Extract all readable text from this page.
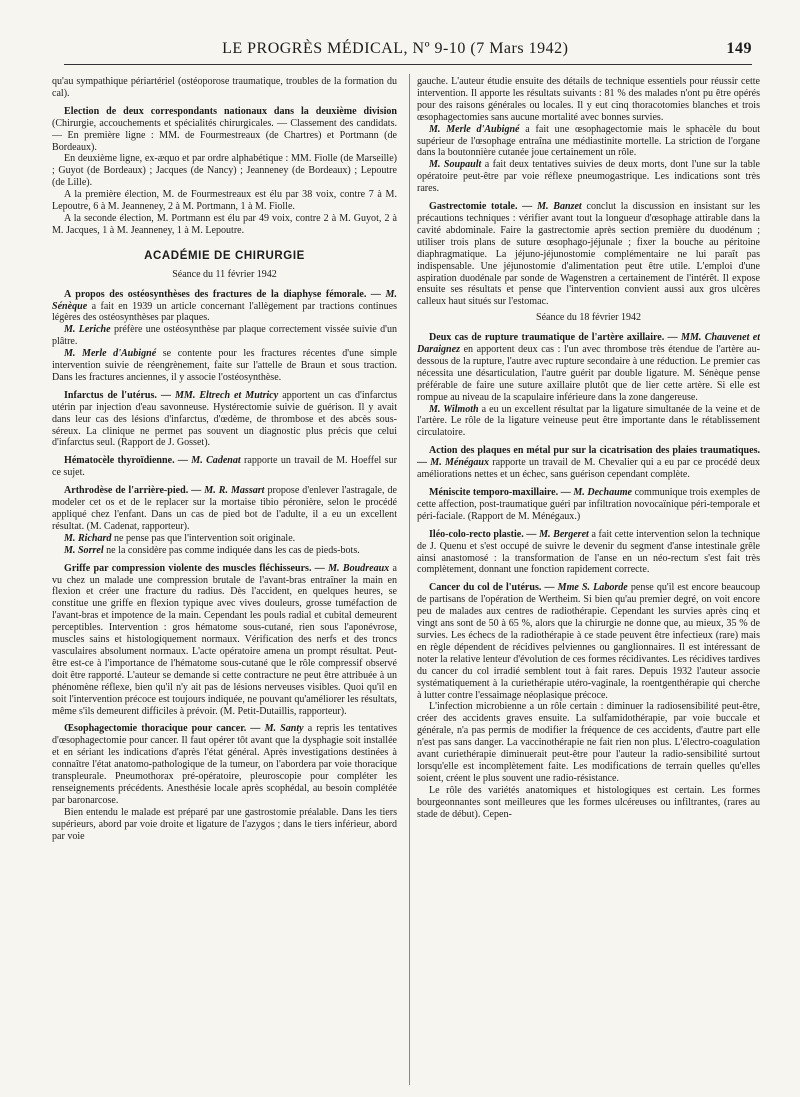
LE PROGRÈS MÉDICAL, Nº 9-10 (7 Mars 1942)	149

qu'au sympathique périartériel (ostéoporose traumatique, troubles de la formation du cal).

Election de deux correspondants nationaux dans la deuxième division (Chirurgie, accouchements et spécialités chirurgicales. — Classement des candidats. — En première ligne : MM. de Fourmestreaux (de Chartres) et Portmann (de Bordeaux).

En deuxième ligne, ex-æquo et par ordre alphabétique : MM. Fiolle (de Marseille) ; Guyot (de Bordeaux) ; Jacques (de Nancy) ; Jeanneney (de Bordeaux) ; Lepoutre (de Lille).

A la première élection, M. de Fourmestreaux est élu par 38 voix, contre 7 à M. Lepoutre, 6 à M. Jeanneney, 2 à M. Portmann, 1 à M. Fiolle.

A la seconde élection, M. Portmann est élu par 49 voix, contre 2 à M. Guyot, 2 à M. Jacques, 1 à M. Jeanneney, 1 à M. Lepoutre.

ACADÉMIE DE CHIRURGIE
Séance du 11 février 1942

A propos des ostéosynthèses des fractures de la diaphyse fémorale. — M. Sénèque a fait en 1939 un article concernant l'allègement par tractions continues légères des ostéosynthèses par plaques.

M. Leriche préfère une ostéosynthèse par plaque correctement vissée suivie d'un plâtre.

M. Merle d'Aubigné se contente pour les fractures récentes d'une simple intervention suivie de réengrènement, faite sur l'attelle de Braun et sous traction. Dans les fractures anciennes, il y associe l'ostéosynthèse.

Infarctus de l'utérus. — MM. Eltrech et Mutricy apportent un cas d'infarctus utérin par injection d'eau savonneuse. Hystérectomie suivie de guérison. Il y avait dans leur cas des lésions d'infarctus, d'œdème, de thrombose et des abcès sous-séreux. La clinique ne permet pas souvent un diagnostic plus précis que celui d'infarctus seul. (Rapport de J. Gosset).

Hématocèle thyroïdienne. — M. Cadenat rapporte un travail de M. Hoeffel sur ce sujet.

Arthrodèse de l'arrière-pied. — M. R. Massart propose d'enlever l'astragale, de modeler cet os et de le replacer sur la mortaise tibio péronière, selon le procédé appliqué chez l'enfant. Dans un cas de pied bot de l'adulte, il a eu un excellent résultat. (M. Cadenat, rapporteur).

M. Richard ne pense pas que l'intervention soit originale.

M. Sorrel ne la considère pas comme indiquée dans les cas de pieds-bots.

Griffe par compression violente des muscles fléchisseurs. — M. Boudreaux a vu chez un malade une compression brutale de l'avant-bras entraîner la main en flexion et créer une fracture du radius. Dès l'accident, en quelques heures, se constitue une griffe en flexion typique avec vives douleurs, grosse tuméfaction de l'avant-bras et impotence de la main. Cependant les pouls radial et cubital demeurent perceptibles. Intervention : gros hématome sous-cutané, rien sous l'aponévrose, muscles sains et histologiquement normaux. Vérification des nerfs et des troncs vasculaires absolument normaux. L'acte opératoire amena un prompt résultat. Peut-être est-ce à l'importance de l'hématome sous-cutané que le rôle compressif observé doit être rapporté. L'auteur se demande si cette contracture ne peut être attribuée à un phénomène réflexe, bien qu'il n'y ait pas de lésions nerveuses visibles. Quoi qu'il en soit l'intervention précoce est toujours indiquée, ne pouvant qu'améliorer les résultats, même s'ils demeurent difficiles à prévoir. (M. Petit-Dutaillis, rapporteur).

Œsophagectomie thoracique pour cancer. — M. Santy a repris les tentatives d'œsophagectomie pour cancer. Il faut opérer tôt avant que la dysphagie soit installée et en sériant les indications d'après l'état général. Après investigations destinées à connaître l'état anatomo-pathologique de la tumeur, on l'abordera par voie thoracique transpleurale. Pneumothorax pré-opératoire, pleuroscopie pour compléter les renseignements précédents. Anesthésie locale après scophédal, au besoin complétée par baronarcose.

Bien entendu le malade est préparé par une gastrostomie préalable. Dans les tiers supérieurs, abord par voie droite et ligature de l'azygos ; dans le tiers inférieur, abord par voie

gauche. L'auteur étudie ensuite des détails de technique essentiels pour réussir cette intervention. Il apporte les résultats suivants : 81 % des malades n'ont pu être opérés pour des raisons générales ou locales. Il y eut cinq thoracotomies blanches et trois œsophagectomies sans aucune mortalité avec bonnes survies.

M. Merle d'Aubigné a fait une œsophagectomie mais le sphacèle du bout supérieur de l'œsophage entraîna une médiastinite mortelle. La striction de l'organe dans la boutonnière cutanée joue certainement un rôle.

M. Soupault a fait deux tentatives suivies de deux morts, dont l'une sur la table opératoire peut-être par voie réflexe pneumogastrique. Les indications sont très rares.

Gastrectomie totale. — M. Banzet conclut la discussion en insistant sur les précautions techniques : vérifier avant tout la longueur d'œsophage attirable dans la cavité abdominale. Faire la gastrectomie après section première du duodénum ; utiliser trois plans de suture œsophago-jéjunale ; fixer la bouche au péritoine diaphragmatique. La jéjuno-jéjunostomie complémentaire ne lui paraît pas indispensable. Une jéjunostomie d'alimentation peut être utile. L'emploi d'une aspiration duodénale par sonde de Wagenstren a certainement de l'intérêt. Il expose ensuite ses résultats et pense que l'intervention convient aussi aux gros ulcères calleux haut situés sur l'estomac.

Séance du 18 février 1942

Deux cas de rupture traumatique de l'artère axillaire. — MM. Chauvenet et Daraignez en apportent deux cas : l'un avec thrombose très étendue de l'artère au-dessous de la rupture, l'autre avec rupture secondaire à une réduction. Le premier cas nécessita une désarticulation, l'autre guérit par double ligature. M. Sénèque pense préférable de faire une suture axillaire plutôt que de lier cette artère. Si elle est rompue au niveau de la scapulaire inférieure dans la zone dangereuse.

M. Wilmoth a eu un excellent résultat par la ligature simultanée de la veine et de l'artère. Le rôle de la ligature veineuse peut être importante dans le rétablissement circulatoire.

Action des plaques en métal pur sur la cicatrisation des plaies traumatiques. — M. Ménégaux rapporte un travail de M. Chevalier qui a eu par ce procédé deux améliorations nettes et un échec, sans guérison cependant complète.

Méniscite temporo-maxillaire. — M. Dechaume communique trois exemples de cette affection, post-traumatique guéri par infiltration novocaïnique péri-temporale et péri-faciale. (Rapport de M. Ménégaux.)

Iléo-colo-recto plastie. — M. Bergeret a fait cette intervention selon la technique de J. Quenu et s'est occupé de suivre le devenir du segment d'anse intestinale grêle ainsi anastomosé : la transformation de l'anse en un néo-rectum s'est fait très complètement, donnant une fonction rapidement correcte.

Cancer du col de l'utérus. — Mme S. Laborde pense qu'il est encore beaucoup de partisans de l'opération de Wertheim. Si bien qu'au premier degré, on voit encore peu de malades aux centres de radiothérapie. Cependant les survies après cinq et vingt ans sont de 50 à 65 %, alors que la chirurgie ne donne que, au mieux, 35 % de survies. Les échecs de la radiothérapie à ce stade peuvent être infectieux (rare) mais en règle dépendent de récidives pelviennes ou ganglionnaires. Il est intéressant de noter la relative lenteur d'évolution de ces formes récidivantes. Les récidives tardives du cancer du col irradié semblent tout à fait rares. Depuis 1932 l'auteur associe systématiquement à la curiethérapie utéro-vaginale, la roentgenthérapie qui cherche à lutter contre l'essaimage néoplasique précoce.

L'infection microbienne a un rôle certain : diminuer la radiosensibilité peut-être, créer des accidents graves ensuite. La sulfamidothérapie, par voie buccale et générale, n'a pas permis de modifier la fréquence de ces accidents, d'autre part elle n'est pas sans danger. La vaccinothérapie ne fait rien non plus. L'électro-coagulation avant curiethérapie diminuerait peut-être pour l'auteur la radio-sensibilité surtout lorsqu'elle est incomplètement faite. Les modifications de terrain quelles qu'elles soient, créent le plus souvent une radio-résistance.

Le rôle des variétés anatomiques et histologiques est certain. Les formes bourgeonnantes sont meilleures que les formes ulcéreuses ou infiltrantes, (rares au stade de début). Cepen-
